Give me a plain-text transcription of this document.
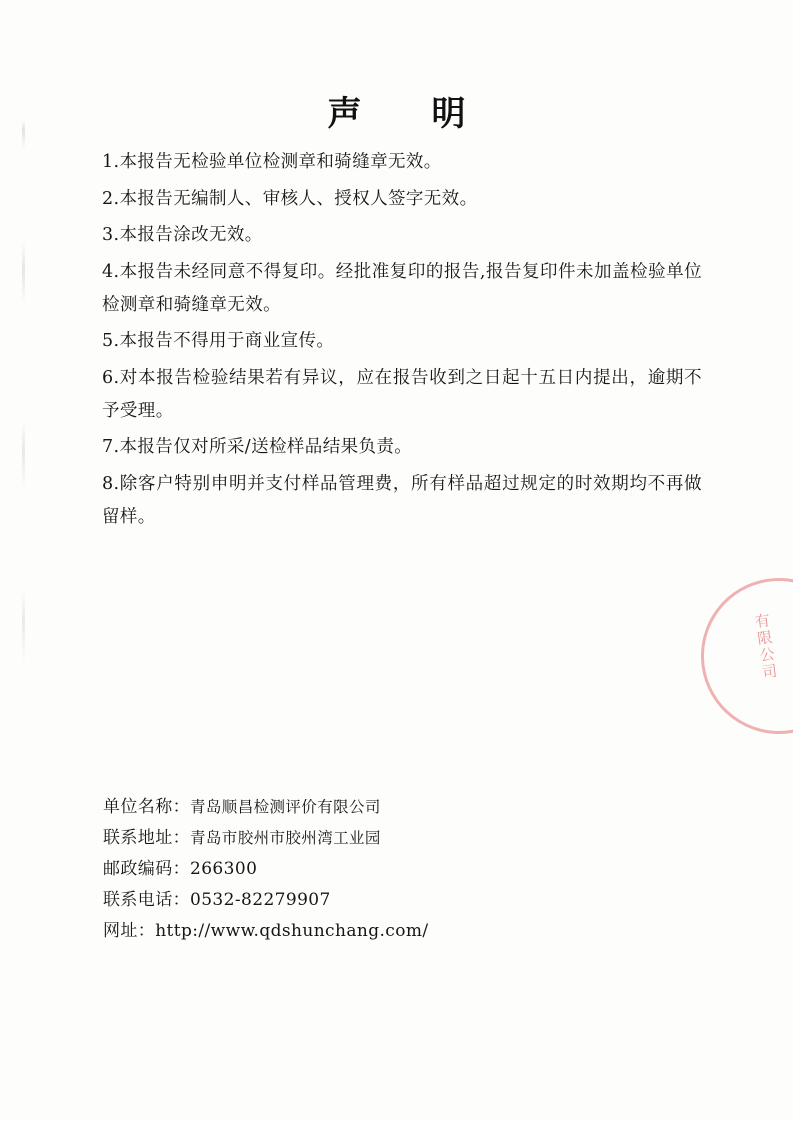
声　明

1.本报告无检验单位检测章和骑缝章无效。

2.本报告无编制人、审核人、授权人签字无效。

3.本报告涂改无效。

4.本报告未经同意不得复印。经批准复印的报告,报告复印件未加盖检验单位检测章和骑缝章无效。

5.本报告不得用于商业宣传。

6.对本报告检验结果若有异议，应在报告收到之日起十五日内提出，逾期不予受理。

7.本报告仅对所采/送检样品结果负责。

8.除客户特别申明并支付样品管理费，所有样品超过规定的时效期均不再做留样。

有限公司
单位名称：青岛顺昌检测评价有限公司
联系地址：青岛市胶州市胶州湾工业园
邮政编码：266300
联系电话：0532-82279907
网址：http://www.qdshunchang.com/
